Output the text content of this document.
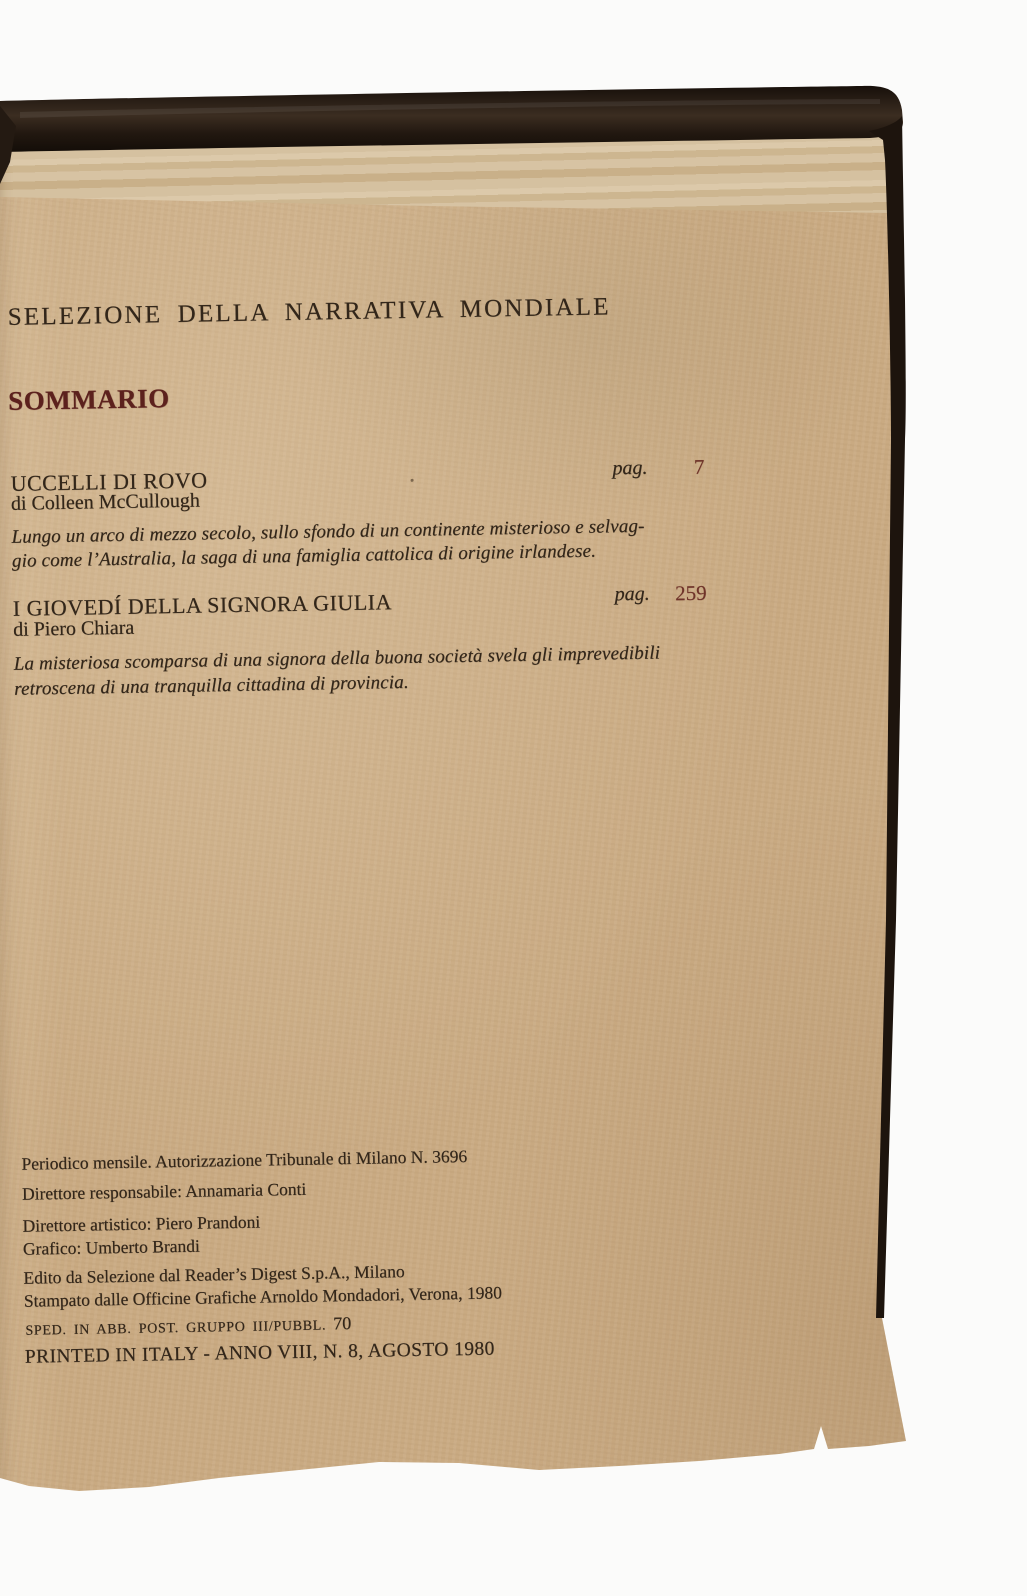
SELEZIONE DELLA NARRATIVA MONDIALE
SOMMARIO
UCCELLI DI ROVO	pag.	7
di Colleen McCullough
Lungo un arco di mezzo secolo, sullo sfondo di un continente misterioso e selvag-
gio come l’Australia, la saga di una famiglia cattolica di origine irlandese.
I GIOVEDÍ DELLA SIGNORA GIULIA	pag.	259
di Piero Chiara
La misteriosa scomparsa di una signora della buona società svela gli imprevedibili
retroscena di una tranquilla cittadina di provincia.
Periodico mensile. Autorizzazione Tribunale di Milano N. 3696
Direttore responsabile: Annamaria Conti
Direttore artistico: Piero Prandoni
Grafico: Umberto Brandi
Edito da Selezione dal Reader’s Digest S.p.A., Milano
Stampato dalle Officine Grafiche Arnoldo Mondadori, Verona, 1980
SPED. IN ABB. POST. GRUPPO III/PUBBL. 70
PRINTED IN ITALY - ANNO VIII, N. 8, AGOSTO 1980
